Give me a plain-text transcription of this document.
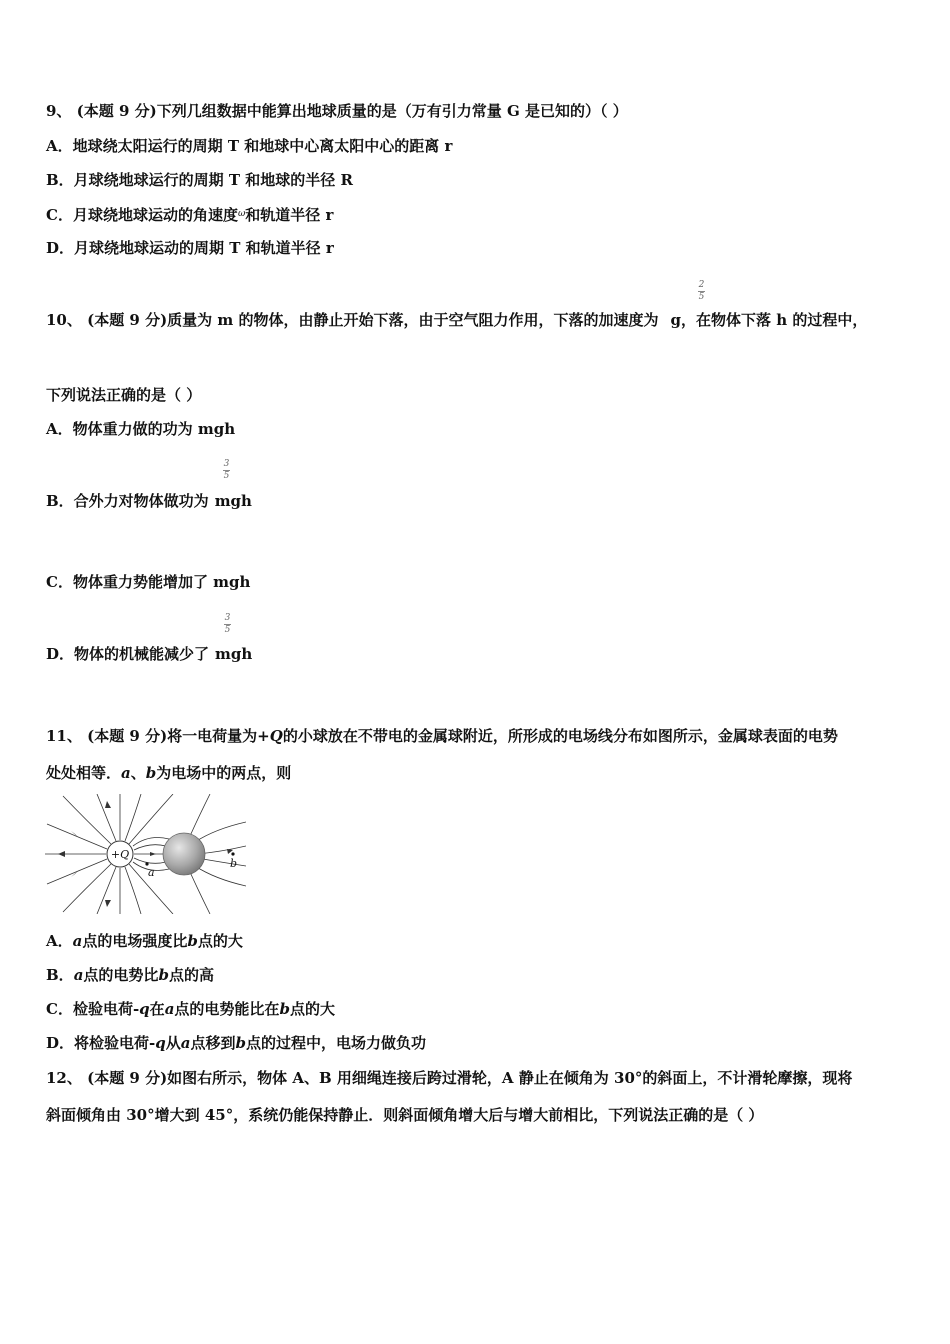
9、 (本题 9 分)下列几组数据中能算出地球质量的是（万有引力常量 G 是已知的）（ ）
A．地球绕太阳运行的周期 T 和地球中心离太阳中心的距离 r
B．月球绕地球运行的周期 T 和地球的半径 R
C．月球绕地球运动的角速度$^\omega$和轨道半径 r
D．月球绕地球运动的周期 T 和轨道半径 r
10、 (本题 9 分)质量为 m 的物体，由静止开始下落，由于空气阻力作用，下落的加速度为 g，在物体下落 h 的过程中，
2
5
下列说法正确的是（ ）
A．物体重力做的功为 mgh
B．合外力对物体做功为 mgh
3
5
C．物体重力势能增加了 mgh
D．物体的机械能减少了 mgh
3
5
11、 (本题 9 分)将一电荷量为+Q的小球放在不带电的金属球附近，所形成的电场线分布如图所示，金属球表面的电势
处处相等．a、b为电场中的两点，则
+Q
a
b
A．a点的电场强度比b点的大
B．a点的电势比b点的高
C．检验电荷-q在a点的电势能比在b点的大
D．将检验电荷-q从a点移到b点的过程中，电场力做负功
12、 (本题 9 分)如图右所示，物体 A、B 用细绳连接后跨过滑轮，A 静止在倾角为 30°的斜面上，不计滑轮摩擦，现将
斜面倾角由 30°增大到 45°，系统仍能保持静止．则斜面倾角增大后与增大前相比，下列说法正确的是（ ）
